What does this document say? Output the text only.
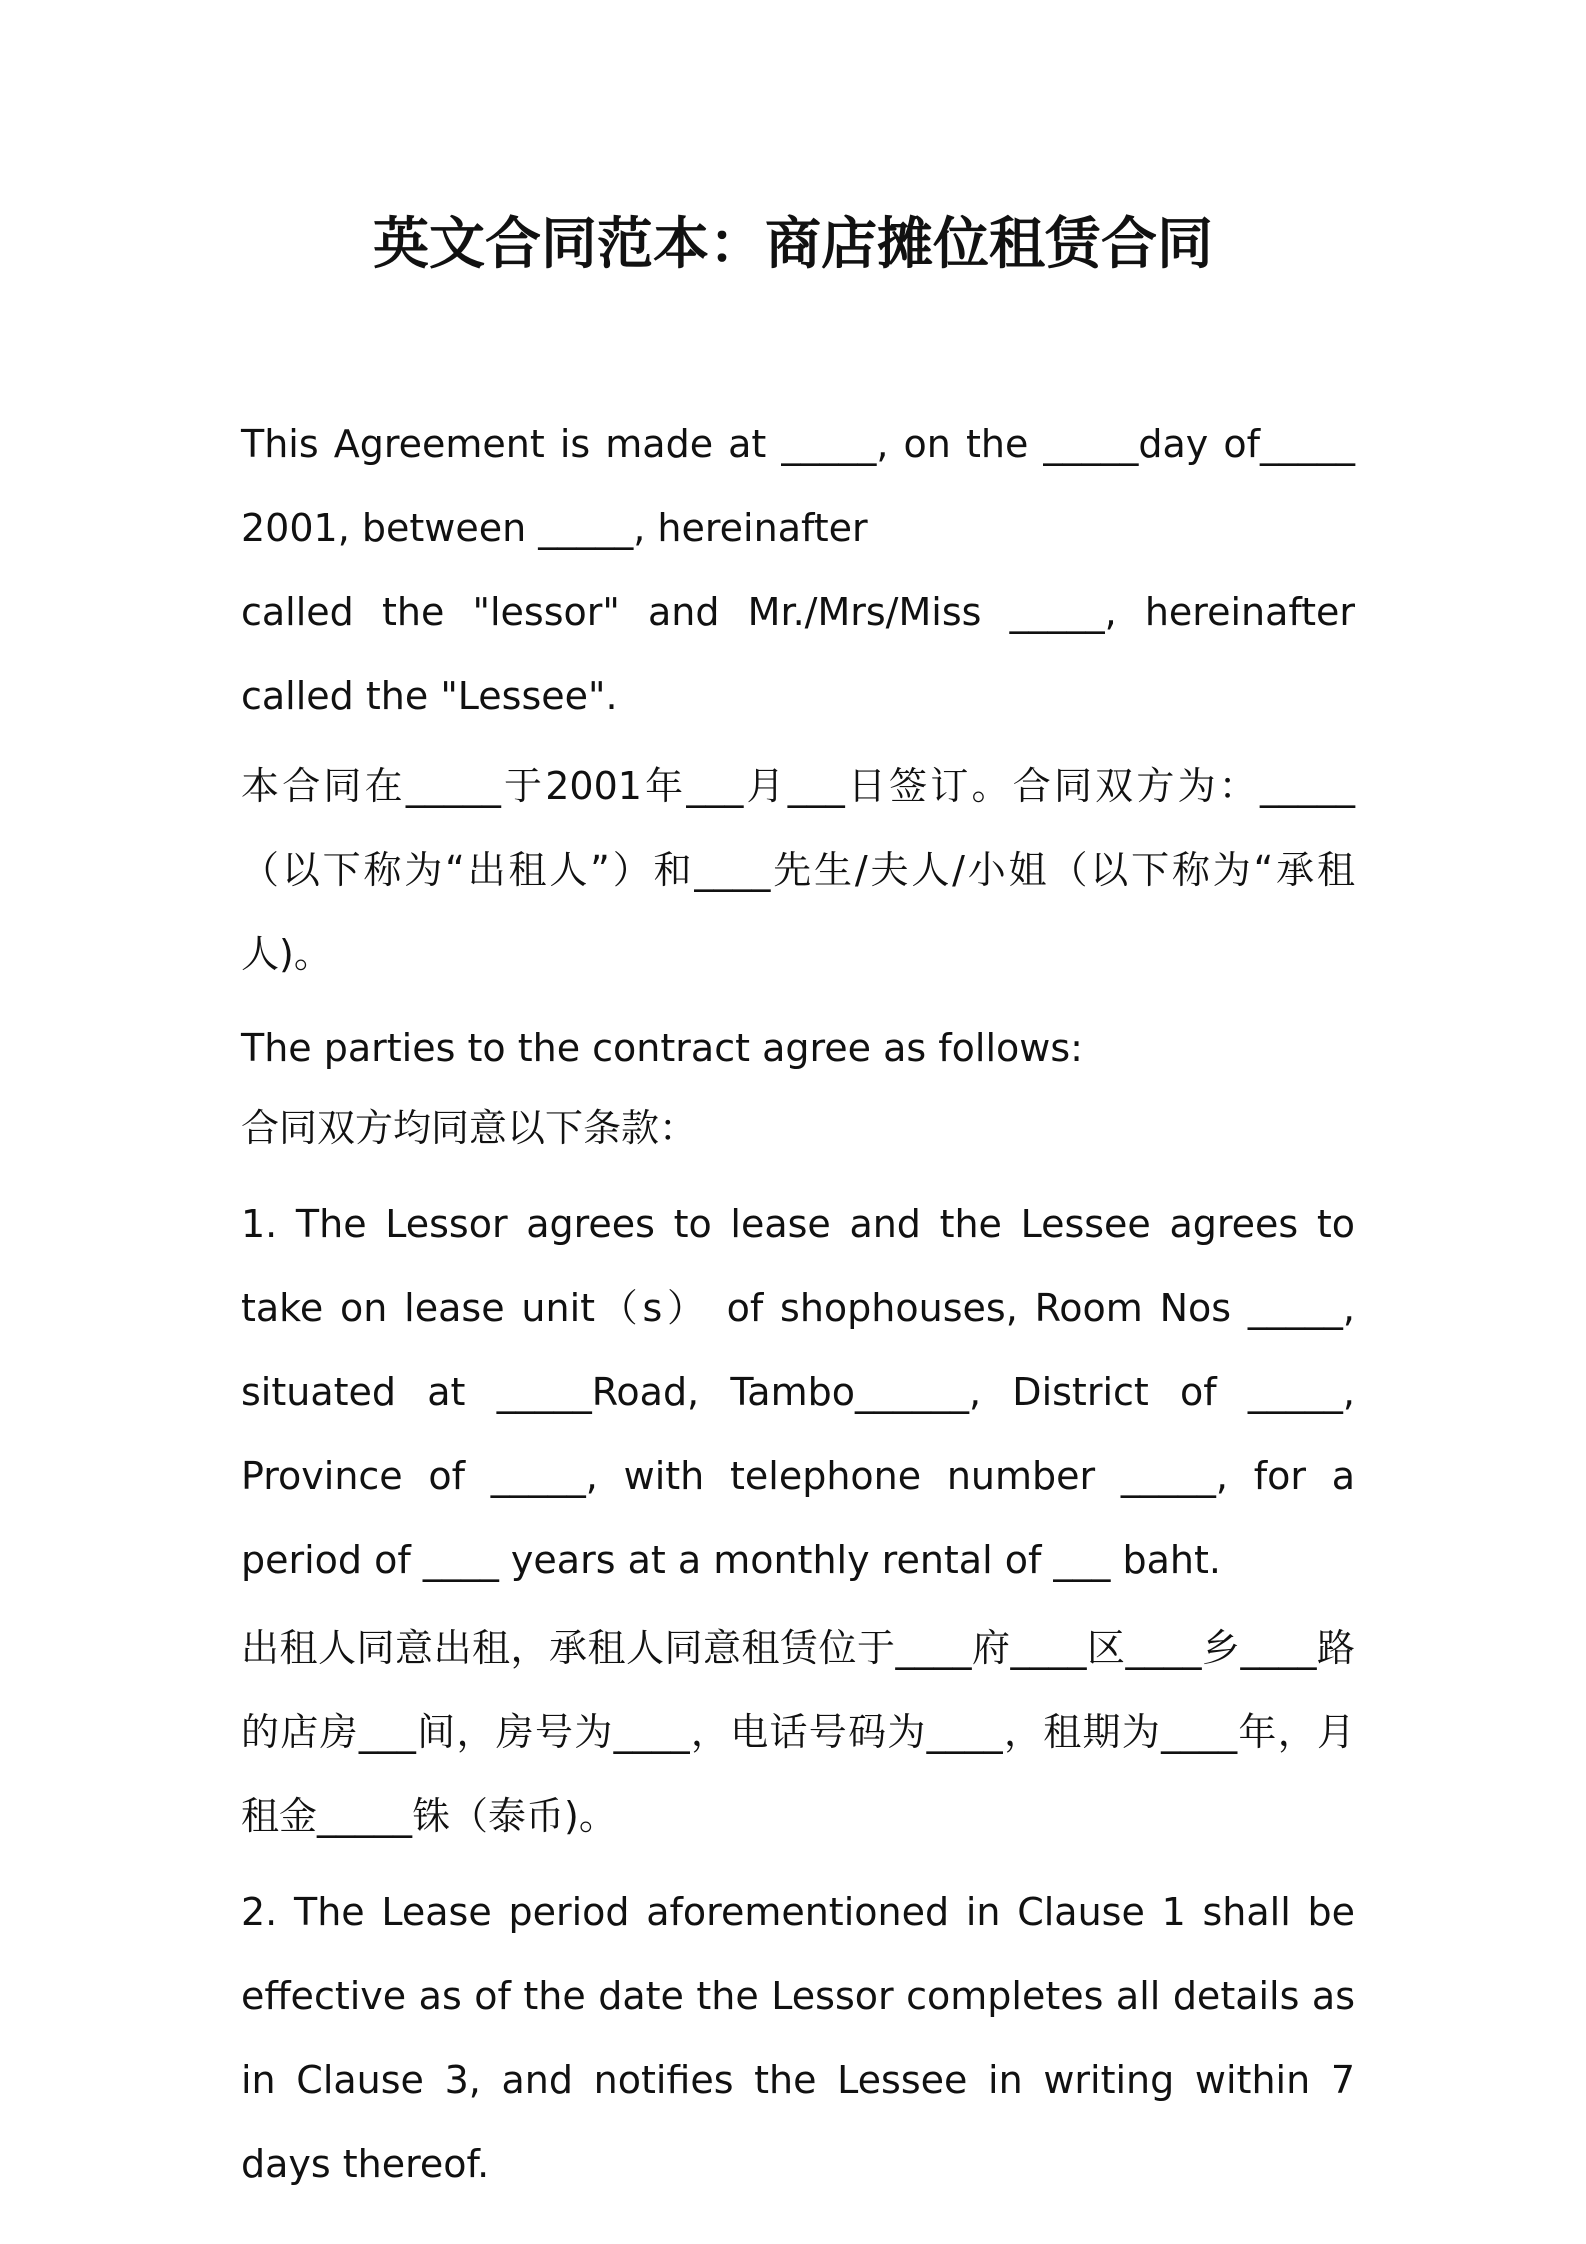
英文合同范本：商店摊位租赁合同

This Agreement is made at _____, on the _____day of_____ 2001, between _____, hereinafter

called the "lessor" and Mr./Mrs/Miss _____, hereinafter called the "Lessee".

本合同在_____于2001年___月___日签订。合同双方为：_____（以下称为“出租人”）和____先生/夫人/小姐（以下称为“承租人)。

The parties to the contract agree as follows:

合同双方均同意以下条款：

1. The Lessor agrees to lease and the Lessee agrees to take on lease unit（s） of shophouses, Room Nos _____, situated at _____Road, Tambo______, District of _____, Province of _____, with telephone number _____, for a period of ____ years at a monthly rental of ___ baht.

出租人同意出租，承租人同意租赁位于____府____区____乡____路的店房___间，房号为____，电话号码为____，租期为____年，月租金_____铢（泰币)。

2. The Lease period aforementioned in Clause 1 shall be effective as of the date the Lessor completes all details as in Clause 3, and notifies the Lessee in writing within 7 days thereof.
